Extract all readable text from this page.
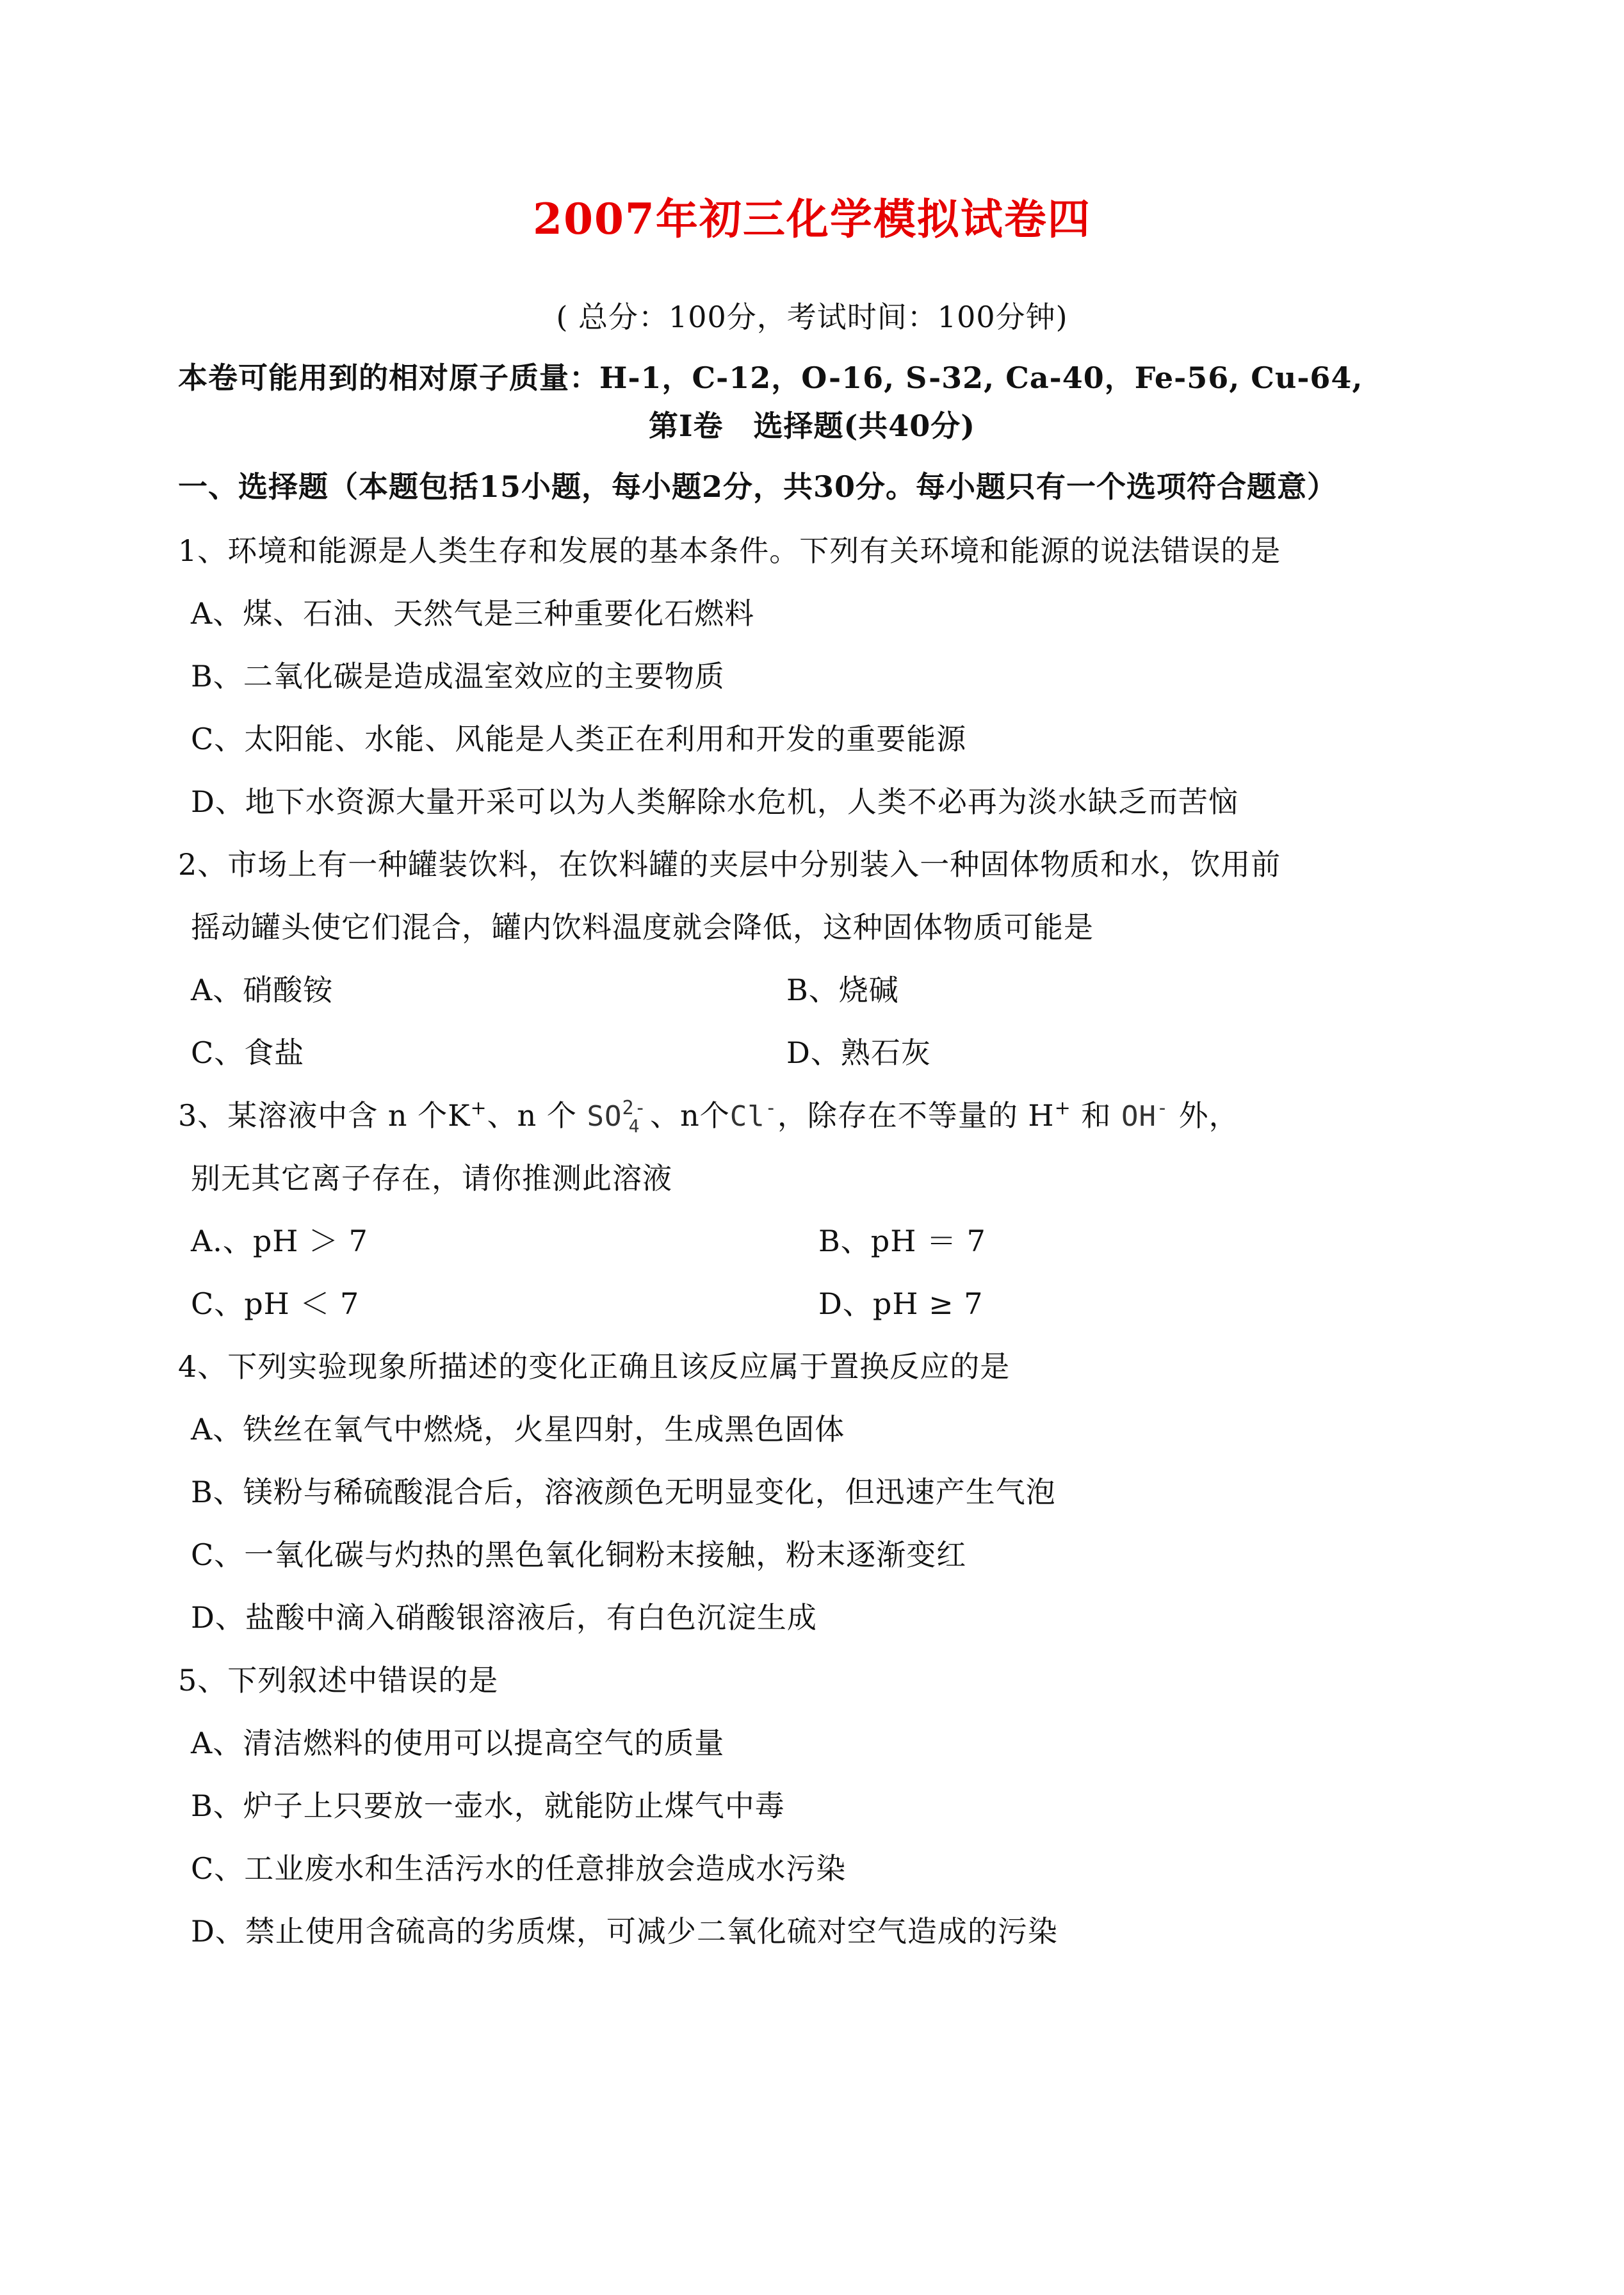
2007年初三化学模拟试卷四
( 总分：100分，考试时间：100分钟)
本卷可能用到的相对原子质量：H-1，C-12，O-16, S-32, Ca-40，Fe-56, Cu-64,
第Ⅰ卷　选择题(共40分)
一、选择题（本题包括15小题，每小题2分，共30分。每小题只有一个选项符合题意）
1、环境和能源是人类生存和发展的基本条件。下列有关环境和能源的说法错误的是
A、煤、石油、天然气是三种重要化石燃料
B、二氧化碳是造成温室效应的主要物质
C、太阳能、水能、风能是人类正在利用和开发的重要能源
D、地下水资源大量开采可以为人类解除水危机，人类不必再为淡水缺乏而苦恼
2、市场上有一种罐装饮料，在饮料罐的夹层中分别装入一种固体物质和水，饮用前
摇动罐头使它们混合，罐内饮料温度就会降低，这种固体物质可能是
A、硝酸铵	B、烧碱
C、食盐	D、熟石灰
3、某溶液中含 n 个K+、n 个 $SO^{2-}_4$ 、n个Cl-，除存在不等量的 H+ 和 OH- 外，
别无其它离子存在，请你推测此溶液
A.、pH ＞ 7	B、pH ＝ 7
C、pH ＜ 7	D、pH ≥ 7
4、下列实验现象所描述的变化正确且该反应属于置换反应的是
A、铁丝在氧气中燃烧，火星四射，生成黑色固体
B、镁粉与稀硫酸混合后，溶液颜色无明显变化，但迅速产生气泡
C、一氧化碳与灼热的黑色氧化铜粉末接触，粉末逐渐变红
D、盐酸中滴入硝酸银溶液后，有白色沉淀生成
5、下列叙述中错误的是
A、清洁燃料的使用可以提高空气的质量
B、炉子上只要放一壶水，就能防止煤气中毒
C、工业废水和生活污水的任意排放会造成水污染
D、禁止使用含硫高的劣质煤，可减少二氧化硫对空气造成的污染
